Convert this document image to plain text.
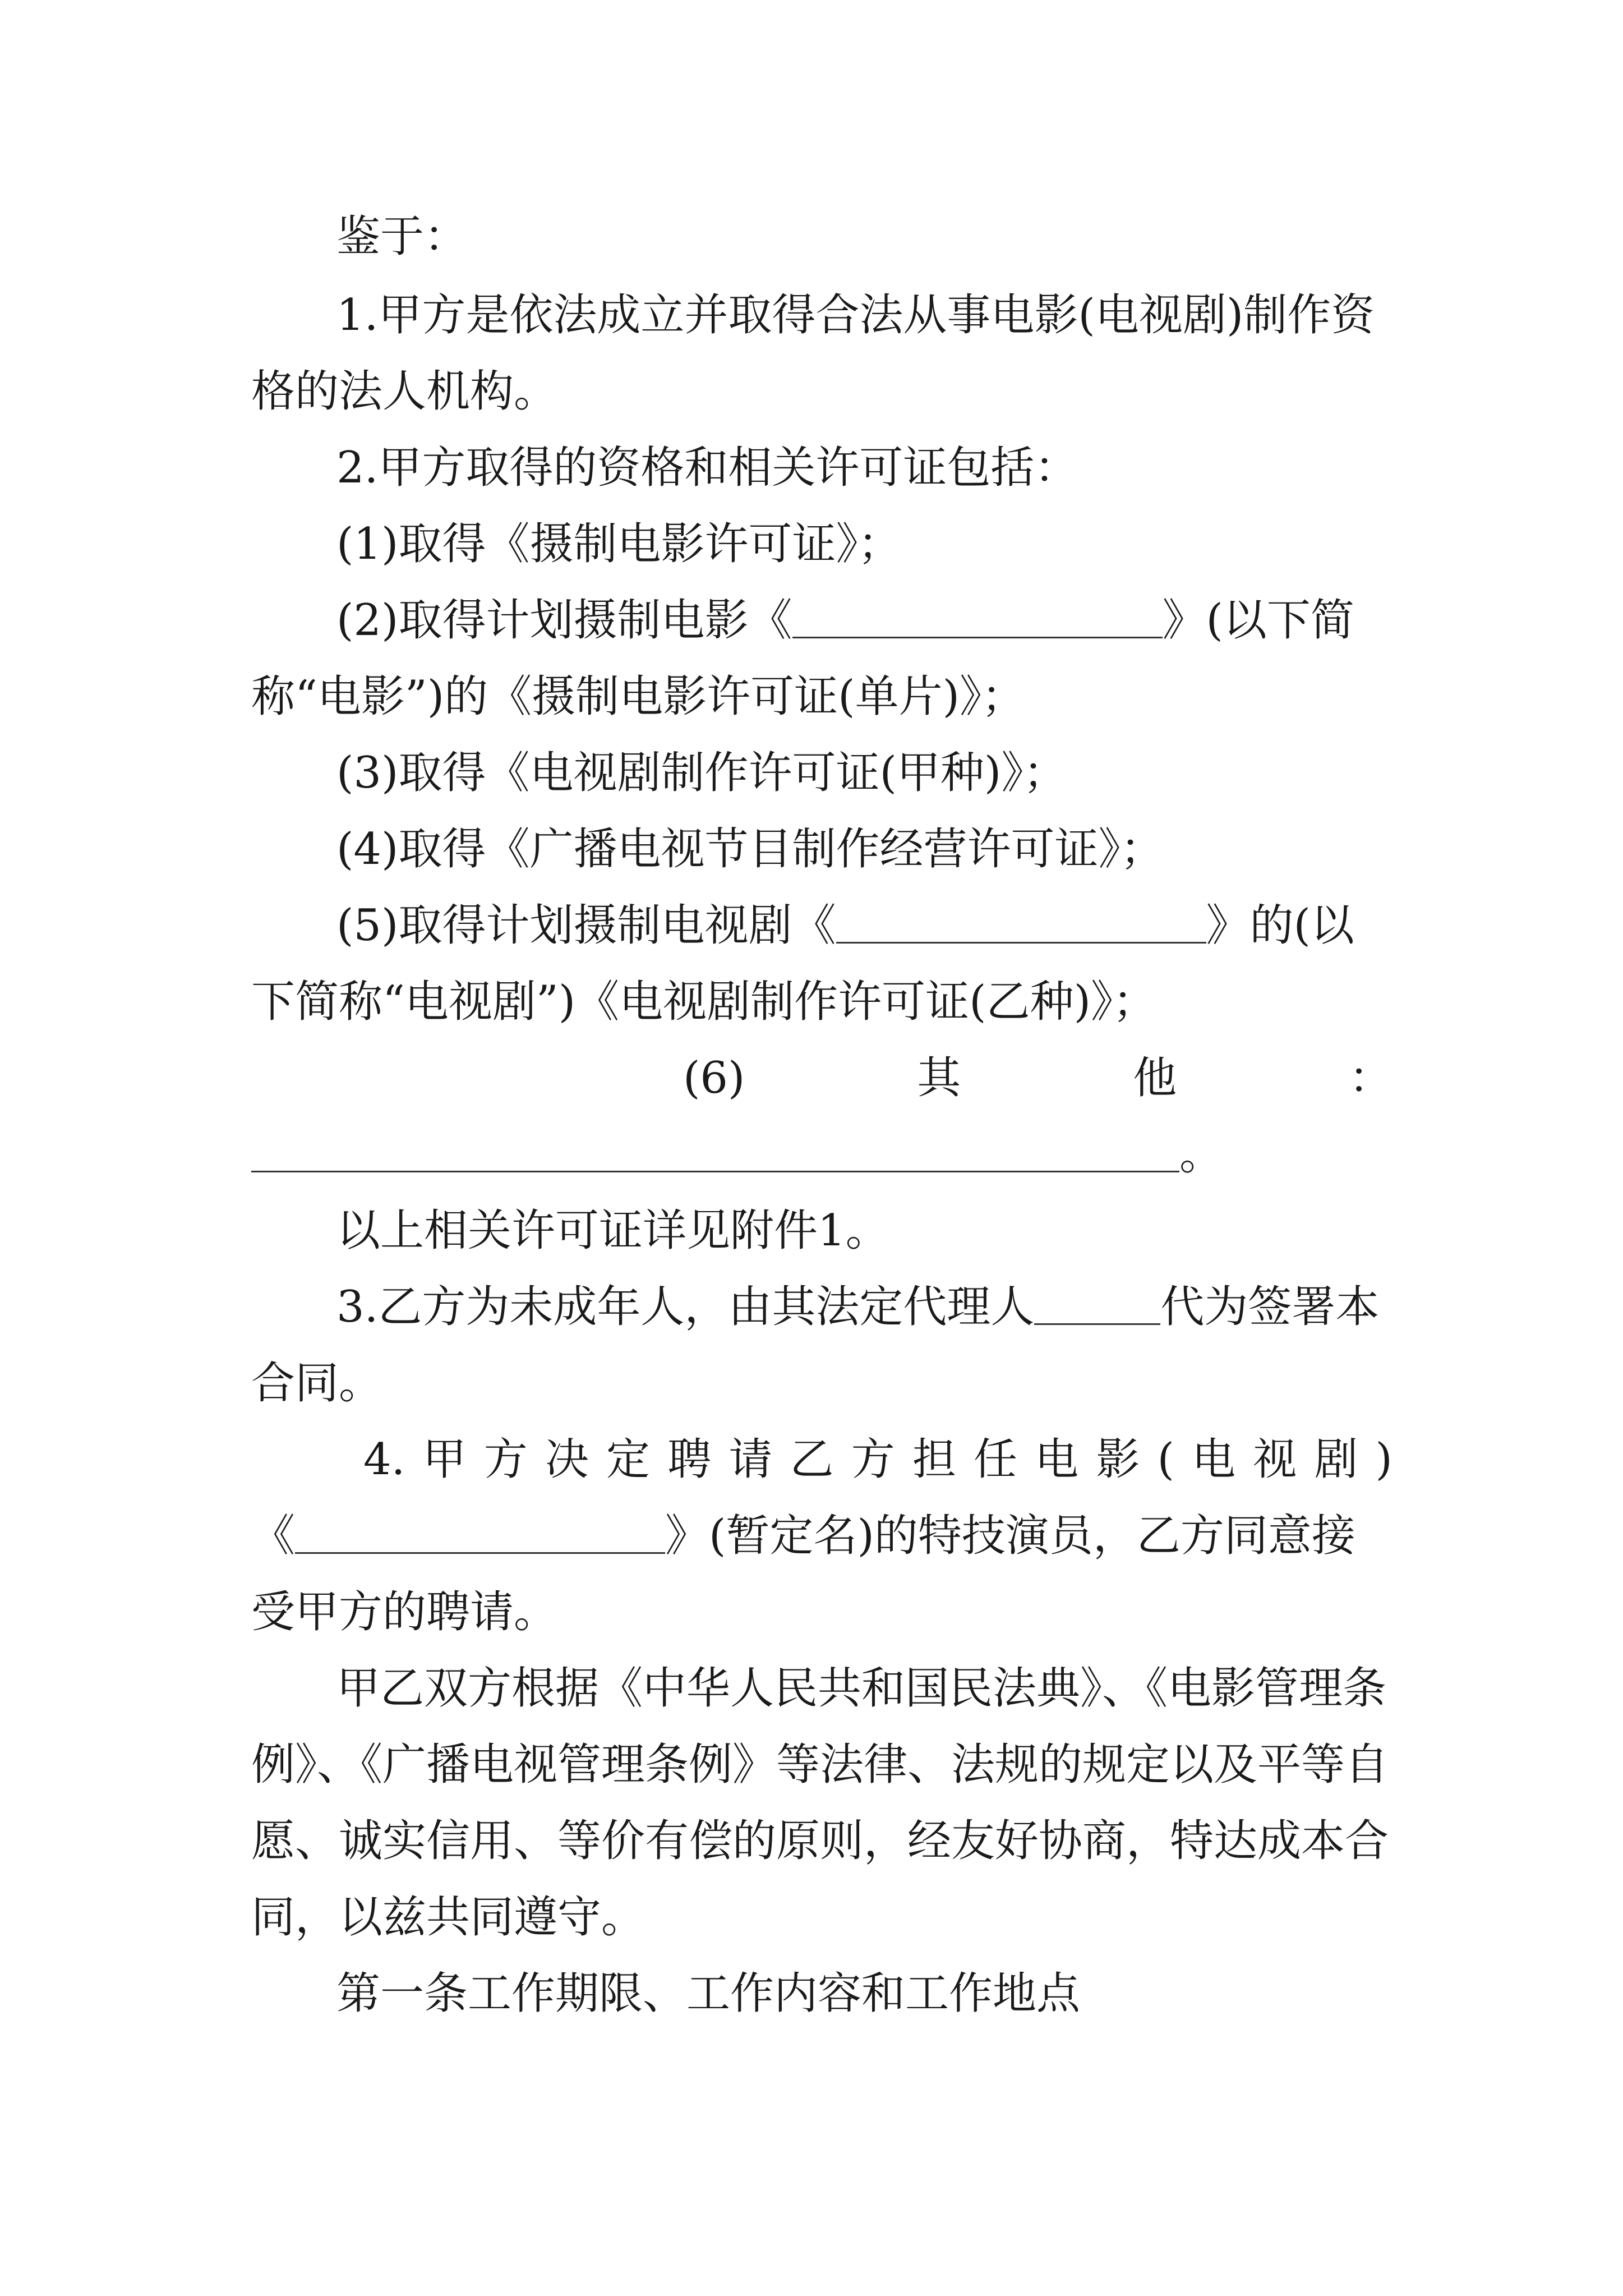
鉴于：
1.甲方是依法成立并取得合法从事电影(电视剧)制作资
格的法人机构。
2.甲方取得的资格和相关许可证包括：
(1)取得《摄制电影许可证》；
(2)取得计划摄制电影《	》(以下简
称“电影”)的《摄制电影许可证(单片)》；
(3)取得《电视剧制作许可证(甲种)》；
(4)取得《广播电视节目制作经营许可证》；
(5)取得计划摄制电视剧《	》的(以
下简称“电视剧”)《电视剧制作许可证(乙种)》；
(6)其他：
。
以上相关许可证详见附件1。
3.乙方为未成年人，由其法定代理人	代为签署本
合同。
4.甲方决定聘请乙方担任电影(电视剧)
《	》(暂定名)的特技演员，乙方同意接
受甲方的聘请。
甲乙双方根据《中华人民共和国民法典》、《电影管理条
例》、《广播电视管理条例》等法律、法规的规定以及平等自
愿、诚实信用、等价有偿的原则，经友好协商，特达成本合
同，以兹共同遵守。
第一条工作期限、工作内容和工作地点
